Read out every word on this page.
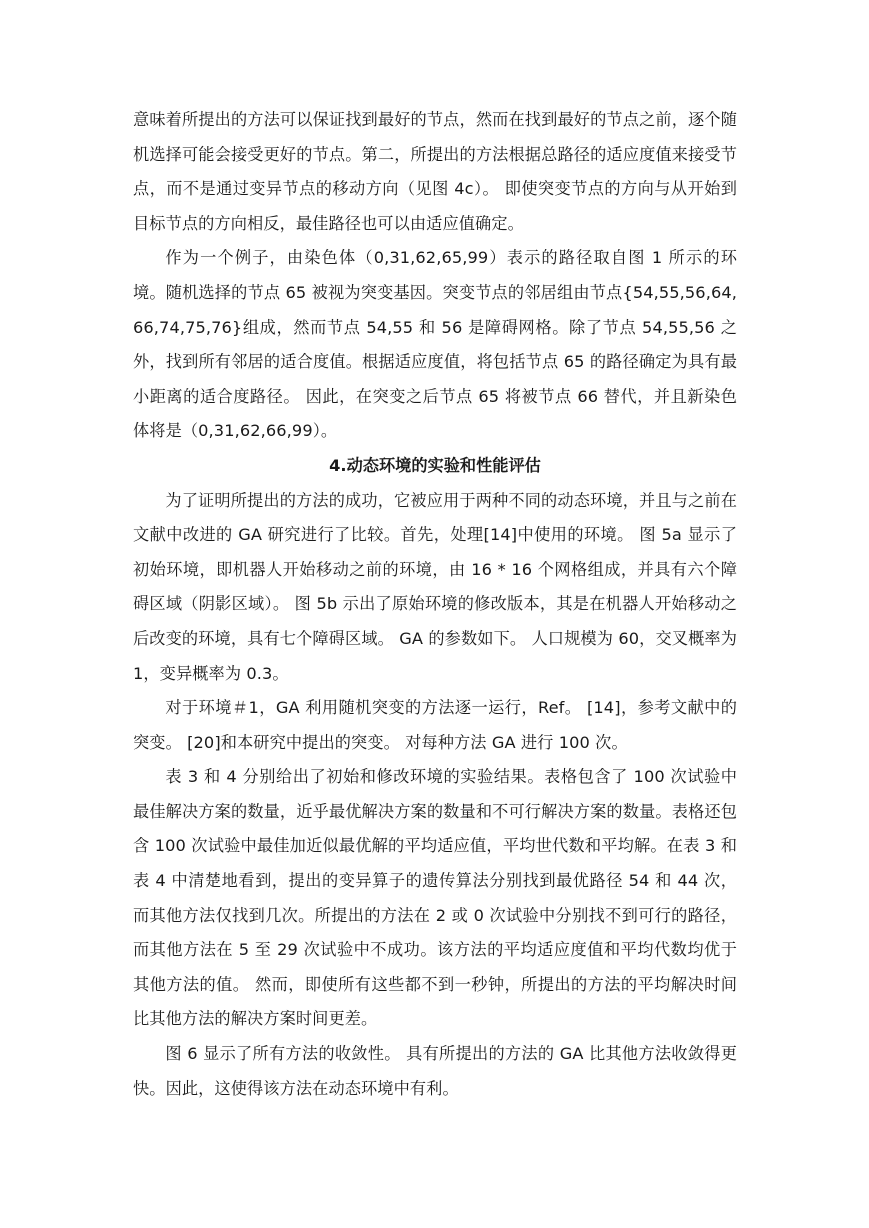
意味着所提出的方法可以保证找到最好的节点，然而在找到最好的节点之前，逐个随机选择可能会接受更好的节点。第二，所提出的方法根据总路径的适应度值来接受节点，而不是通过变异节点的移动方向（见图 4c）。 即使突变节点的方向与从开始到目标节点的方向相反，最佳路径也可以由适应值确定。

作为一个例子，由染色体（0,31,62,65,99）表示的路径取自图 1 所示的环境。随机选择的节点 65 被视为突变基因。突变节点的邻居组由节点{54,55,56,64,66,74,75,76}组成，然而节点 54,55 和 56 是障碍网格。除了节点 54,55,56 之外，找到所有邻居的适合度值。根据适应度值，将包括节点 65 的路径确定为具有最小距离的适合度路径。 因此，在突变之后节点 65 将被节点 66 替代，并且新染色体将是（0,31,62,66,99）。

4.动态环境的实验和性能评估

为了证明所提出的方法的成功，它被应用于两种不同的动态环境，并且与之前在文献中改进的 GA 研究进行了比较。首先，处理[14]中使用的环境。 图 5a 显示了初始环境，即机器人开始移动之前的环境，由 16 * 16 个网格组成，并具有六个障碍区域（阴影区域）。 图 5b 示出了原始环境的修改版本，其是在机器人开始移动之后改变的环境，具有七个障碍区域。 GA 的参数如下。 人口规模为 60，交叉概率为 1，变异概率为 0.3。

对于环境＃1，GA 利用随机突变的方法逐一运行，Ref。 [14]，参考文献中的突变。 [20]和本研究中提出的突变。 对每种方法 GA 进行 100 次。

表 3 和 4 分别给出了初始和修改环境的实验结果。表格包含了 100 次试验中最佳解决方案的数量，近乎最优解决方案的数量和不可行解决方案的数量。表格还包含 100 次试验中最佳加近似最优解的平均适应值，平均世代数和平均解。在表 3 和表 4 中清楚地看到，提出的变异算子的遗传算法分别找到最优路径 54 和 44 次，而其他方法仅找到几次。所提出的方法在 2 或 0 次试验中分别找不到可行的路径，而其他方法在 5 至 29 次试验中不成功。该方法的平均适应度值和平均代数均优于其他方法的值。 然而，即使所有这些都不到一秒钟，所提出的方法的平均解决时间比其他方法的解决方案时间更差。

图 6 显示了所有方法的收敛性。 具有所提出的方法的 GA 比其他方法收敛得更快。因此，这使得该方法在动态环境中有利。
